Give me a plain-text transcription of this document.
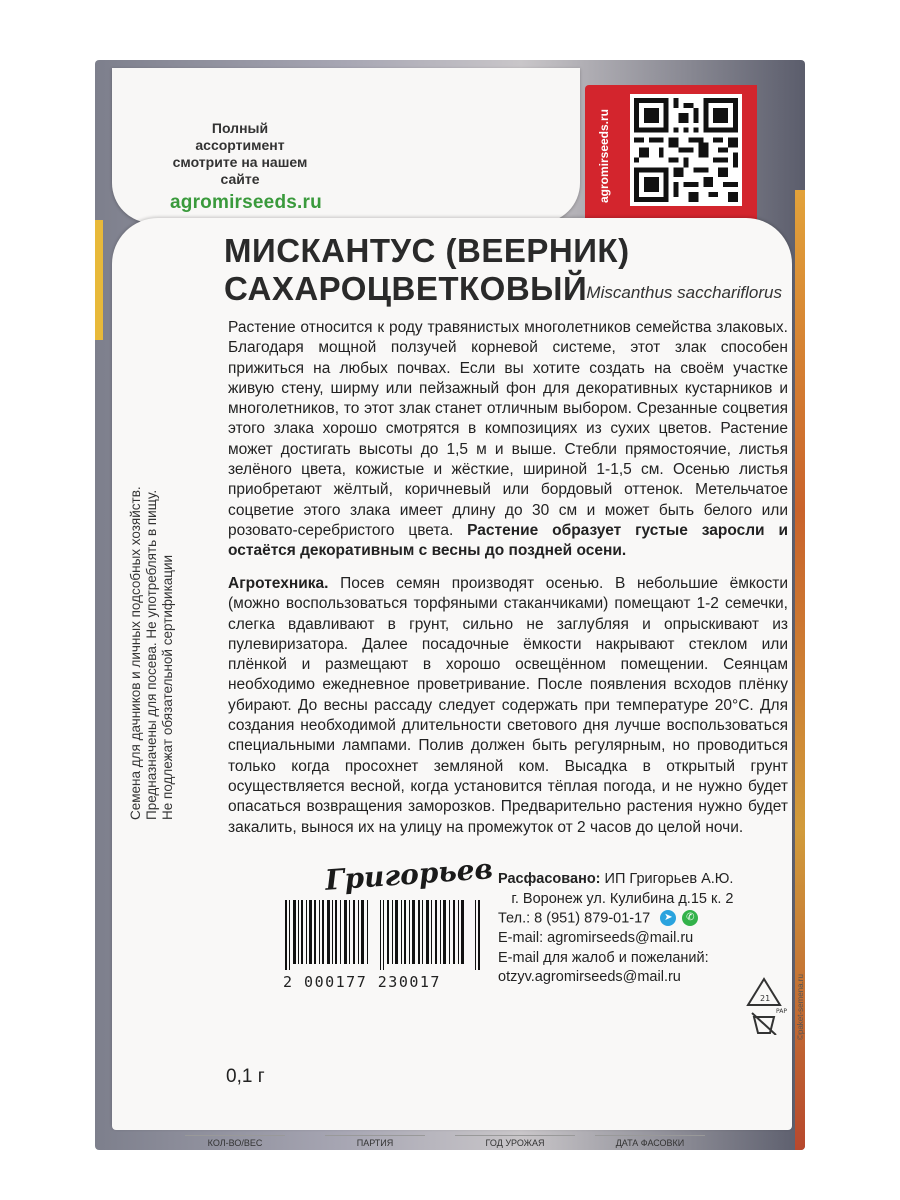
Полный ассортимент
смотрите на нашем сайте
agromirseeds.ru	agromirseeds.ru
Семена для дачников и личных подсобных хозяйств. Предназначены для посева. Не употреблять в пищу. Не подлежат обязательной сертификации
МИСКАНТУС (ВЕЕРНИК)
САХАРОЦВЕТКОВЫЙ Miscanthus sacchariflorus
Растение относится к роду травянистых многолетников семейства злаковых. Благодаря мощной ползучей корневой системе, этот злак способен прижиться на любых почвах. Если вы хотите создать на своём участке живую стену, ширму или пейзажный фон для декоративных кустарников и многолетников, то этот злак станет отличным выбором. Срезанные соцветия этого злака хорошо смотрятся в композициях из сухих цветов. Растение может достигать высоты до 1,5 м и выше. Стебли прямостоячие, листья зелёного цвета, кожистые и жёсткие, шириной 1-1,5 см. Осенью листья приобретают жёлтый, коричневый или бордовый оттенок. Метельчатое соцветие этого злака имеет длину до 30 см и может быть белого или розовато-серебристого цвета. Растение образует густые заросли и остаётся декоративным с весны до поздней осени.
Агротехника. Посев семян производят осенью. В небольшие ёмкости (можно воспользоваться торфяными стаканчиками) помещают 1-2 семечки, слегка вдавливают в грунт, сильно не заглубляя и опрыскивают из пулевиризатора. Далее посадочные ёмкости накрывают стеклом или плёнкой и размещают в хорошо освещённом помещении. Сеянцам необходимо ежедневное проветривание. После появления всходов плёнку убирают. До весны рассаду следует содержать при температуре 20°С. Для создания необходимой длительности светового дня лучше воспользоваться специальными лампами. Полив должен быть регулярным, но проводиться только когда просохнет земляной ком. Высадка в открытый грунт осуществляется весной, когда установится тёплая погода, и не нужно будет опасаться возвращения заморозков. Предварительно растения нужно будет закалить, вынося их на улицу на промежуток от 2 часов до целой ночи.
Григорьев
2 000177 230017
Расфасовано: ИП Григорьев А.Ю.
г. Воронеж ул. Кулибина д.15 к. 2
Тел.: 8 (951) 879-01-17 ➤ ✆
E-mail: agromirseeds@mail.ru
E-mail для жалоб и пожеланий:
otzyv.agromirseeds@mail.ru
21
PAP ©paket-semena.ru
0,1 г
КОЛ-ВО/ВЕС	ПАРТИЯ	ГОД УРОЖАЯ	ДАТА ФАСОВКИ
